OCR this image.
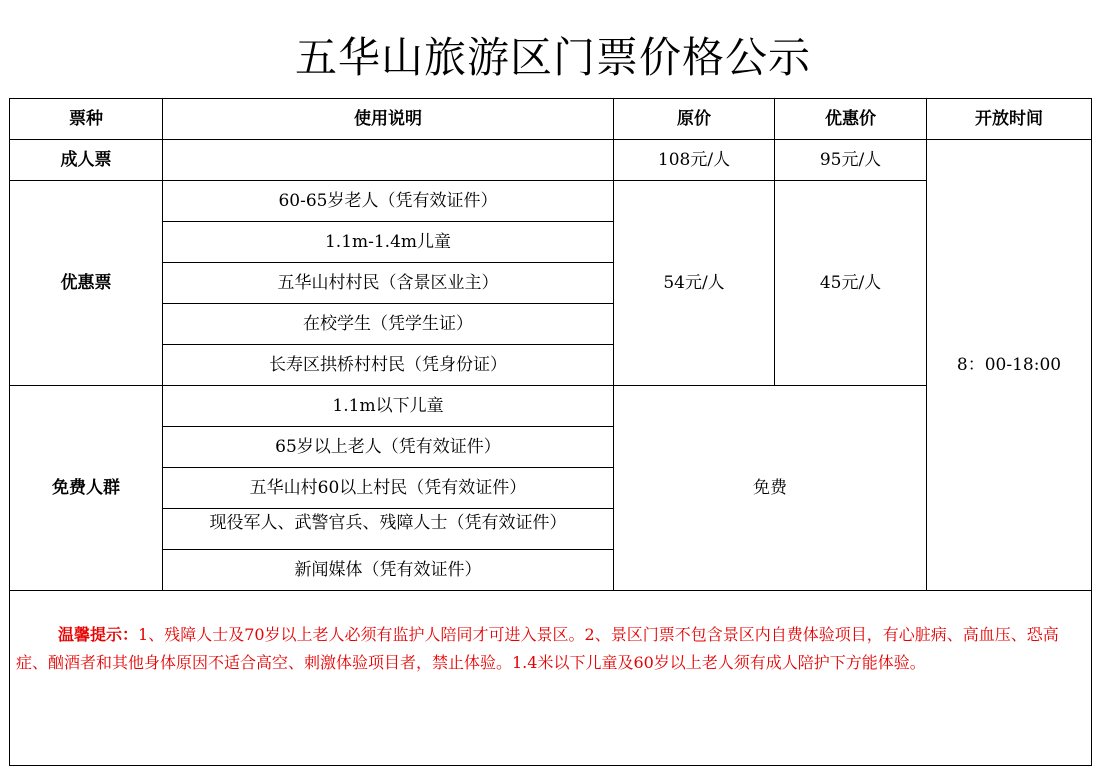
五华山旅游区门票价格公示
票种	使用说明	原价	优惠价	开放时间
成人票		108元/人	95元/人	8：00-18:00
优惠票	60-65岁老人（凭有效证件）	54元/人	45元/人	
	1.1m-1.4m儿童			
	五华山村村民（含景区业主）			
	在校学生（凭学生证）			
	长寿区拱桥村村民（凭身份证）			
免费人群	1.1m以下儿童	免费		
	65岁以上老人（凭有效证件）			
	五华山村60以上村民（凭有效证件）			

	现役军人、武警官兵、残障人士（凭有效证件）			

	新闻媒体（凭有效证件）			
温馨提示：1、残障人士及70岁以上老人必须有监护人陪同才可进入景区。2、景区门票不包含景区内自费体验项目，有心脏病、高血压、恐高症、酗酒者和其他身体原因不适合高空、刺激体验项目者，禁止体验。1.4米以下儿童及60岁以上老人须有成人陪护下方能体验。				
